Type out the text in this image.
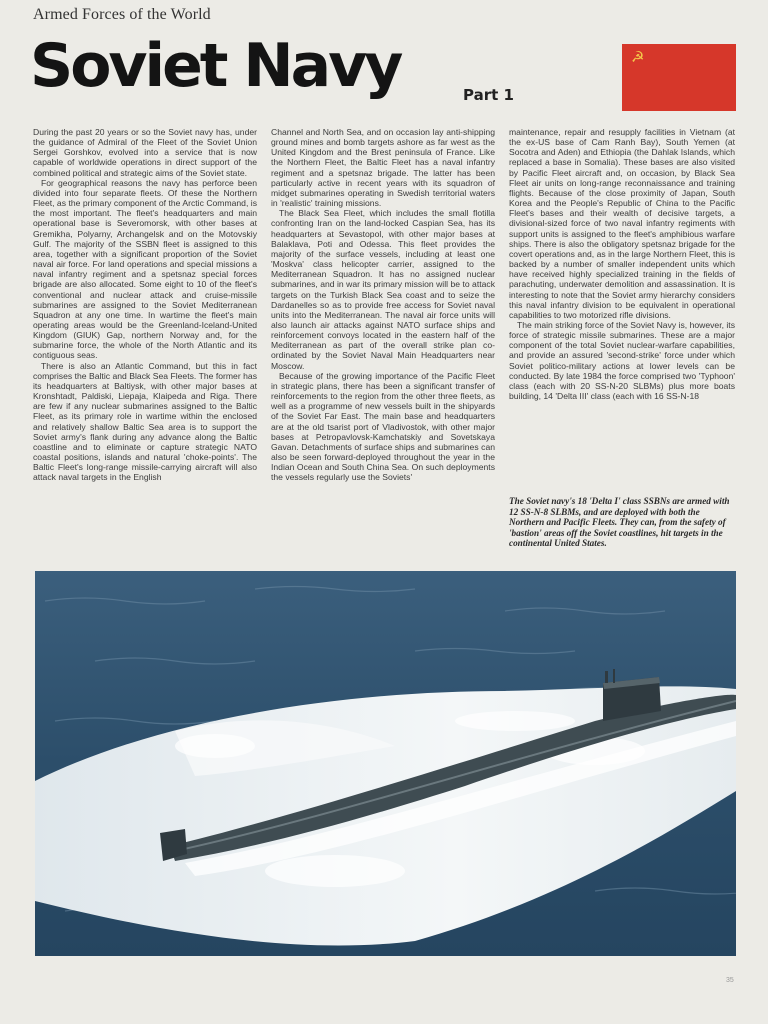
Armed Forces of the World
Soviet Navy	Part 1
☭

During the past 20 years or so the Soviet navy has, under the guidance of Admiral of the Fleet of the Soviet Union Sergei Gorshkov, evolved into a service that is now capable of worldwide operations in direct support of the combined political and strategic aims of the Soviet state.

For geographical reasons the navy has perforce been divided into four separate fleets. Of these the Northern Fleet, as the primary component of the Arctic Command, is the most important. The fleet's headquarters and main operational base is Severomorsk, with other bases at Gremikha, Polyarny, Archangelsk and on the Motovskiy Gulf. The majority of the SSBN fleet is assigned to this area, together with a significant proportion of the Soviet naval air force. For land operations and special missions a naval infantry regiment and a spetsnaz special forces brigade are also allocated. Some eight to 10 of the fleet's conventional and nuclear attack and cruise-missile submarines are assigned to the Soviet Mediterranean Squadron at any one time. In wartime the fleet's main operating areas would be the Greenland-Iceland-United Kingdom (GIUK) Gap, northern Norway and, for the submarine force, the whole of the North Atlantic and its contiguous seas.

There is also an Atlantic Command, but this in fact comprises the Baltic and Black Sea Fleets. The former has its headquarters at Baltiysk, with other major bases at Kronshtadt, Paldiski, Liepaja, Klaipeda and Riga. There are few if any nuclear submarines assigned to the Baltic Fleet, as its primary role in wartime within the enclosed and relatively shallow Baltic Sea area is to support the Soviet army's flank during any advance along the Baltic coastline and to eliminate or capture strategic NATO coastal positions, islands and natural 'choke-points'. The Baltic Fleet's long-range missile-carrying aircraft will also attack naval targets in the English

Channel and North Sea, and on occasion lay anti-shipping ground mines and bomb targets ashore as far west as the United Kingdom and the Brest peninsula of France. Like the Northern Fleet, the Baltic Fleet has a naval infantry regiment and a spetsnaz brigade. The latter has been particularly active in recent years with its squadron of midget submarines operating in Swedish territorial waters in 'realistic' training missions.

The Black Sea Fleet, which includes the small flotilla confronting Iran on the land-locked Caspian Sea, has its headquarters at Sevastopol, with other major bases at Balaklava, Poti and Odessa. This fleet provides the majority of the surface vessels, including at least one 'Moskva' class helicopter carrier, assigned to the Mediterranean Squadron. It has no assigned nuclear submarines, and in war its primary mission will be to attack targets on the Turkish Black Sea coast and to seize the Dardanelles so as to provide free access for Soviet naval units into the Mediterranean. The naval air force units will also launch air attacks against NATO surface ships and reinforcement convoys located in the eastern half of the Mediterranean as part of the overall strike plan co-ordinated by the Soviet Naval Main Headquarters near Moscow.

Because of the growing importance of the Pacific Fleet in strategic plans, there has been a significant transfer of reinforcements to the region from the other three fleets, as well as a programme of new vessels built in the shipyards of the Soviet Far East. The main base and headquarters are at the old tsarist port of Vladivostok, with other major bases at Petropavlovsk-Kamchatskiy and Sovetskaya Gavan. Detachments of surface ships and submarines can also be seen forward-deployed throughout the year in the Indian Ocean and South China Sea. On such deployments the vessels regularly use the Soviets'

maintenance, repair and resupply facilities in Vietnam (at the ex-US base of Cam Ranh Bay), South Yemen (at Socotra and Aden) and Ethiopia (the Dahlak Islands, which replaced a base in Somalia). These bases are also visited by Pacific Fleet aircraft and, on occasion, by Black Sea Fleet air units on long-range reconnaissance and training flights. Because of the close proximity of Japan, South Korea and the People's Republic of China to the Pacific Fleet's bases and their wealth of decisive targets, a divisional-sized force of two naval infantry regiments with support units is assigned to the fleet's amphibious warfare ships. There is also the obligatory spetsnaz brigade for the covert operations and, as in the large Northern Fleet, this is backed by a number of smaller independent units which have received highly specialized training in the fields of parachuting, underwater demolition and assassination. It is interesting to note that the Soviet army hierarchy considers this naval infantry division to be equivalent in operational capabilities to two motorized rifle divisions.

The main striking force of the Soviet Navy is, however, its force of strategic missile submarines. These are a major component of the total Soviet nuclear-warfare capabilities, and provide an assured 'second-strike' force under which Soviet politico-military actions at lower levels can be conducted. By late 1984 the force comprised two 'Typhoon' class (each with 20 SS-N-20 SLBMs) plus more boats building, 14 'Delta III' class (each with 16 SS-N-18

The Soviet navy's 18 'Delta I' class SSBNs are armed with 12 SS-N-8 SLBMs, and are deployed with both the Northern and Pacific Fleets. They can, from the safety of 'bastion' areas off the Soviet coastlines, hit targets in the continental United States.
35
